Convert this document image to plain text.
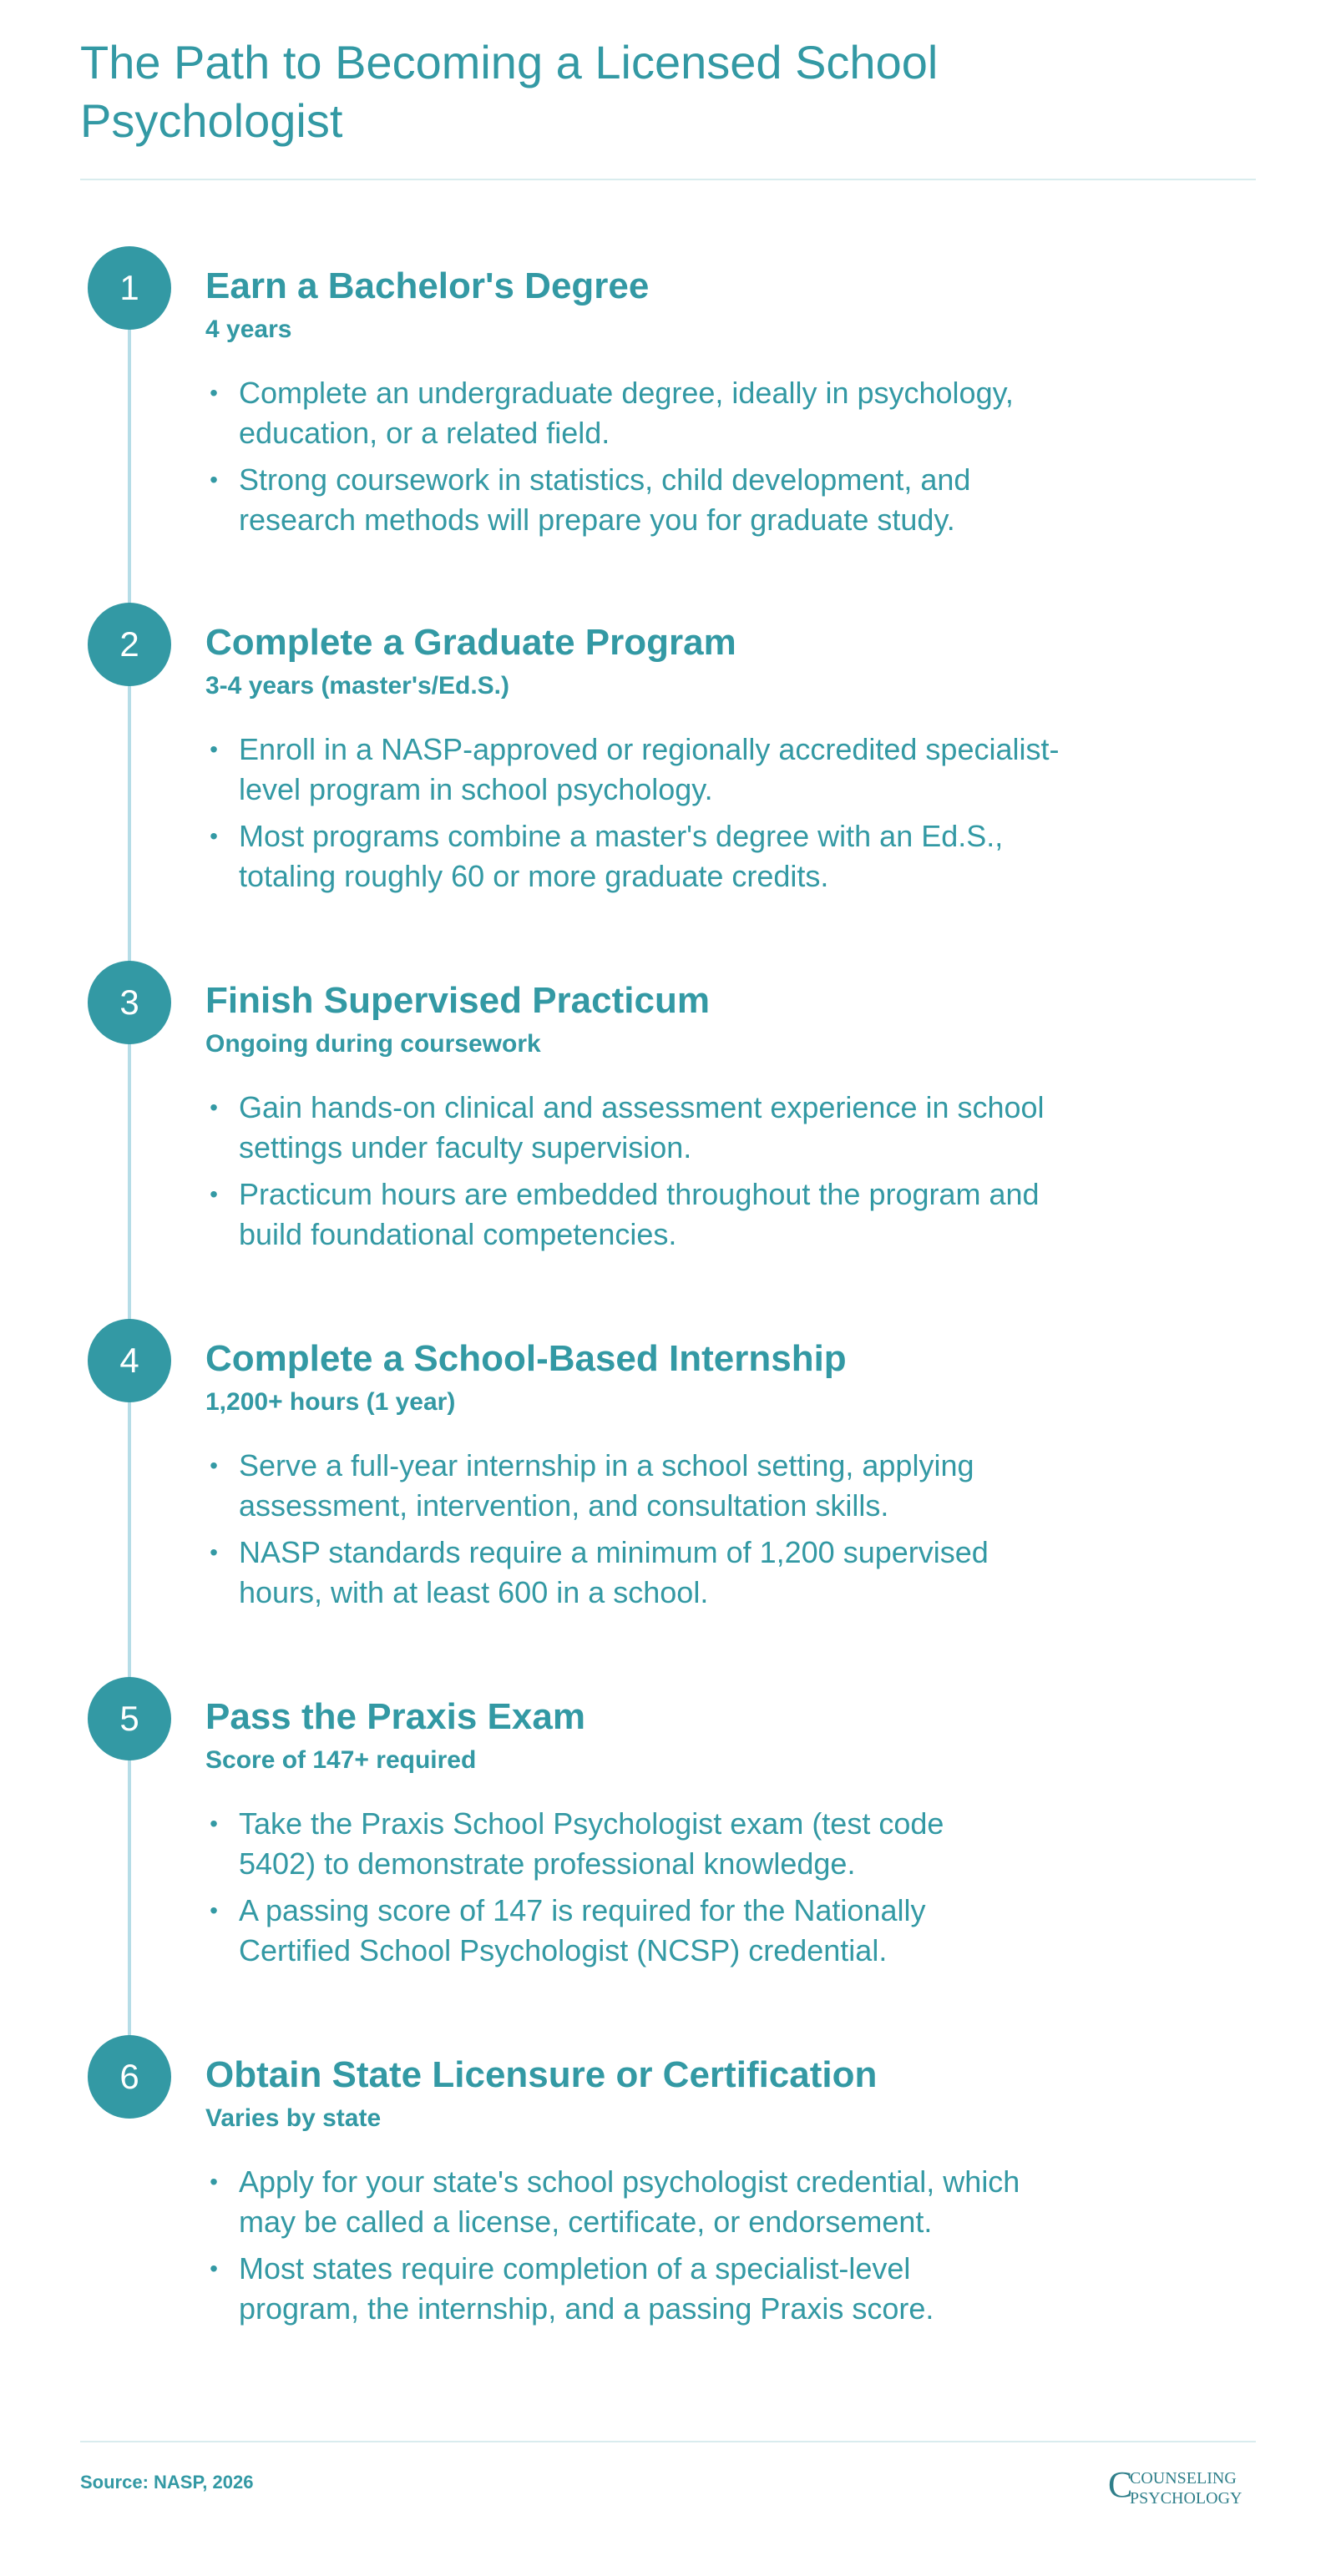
The Path to Becoming a Licensed School Psychologist
1	Earn a Bachelor's Degree
4 years
• Complete an undergraduate degree, ideally in psychology, education, or a related field.
• Strong coursework in statistics, child development, and research methods will prepare you for graduate study.
2	Complete a Graduate Program
3-4 years (master's/Ed.S.)
• Enroll in a NASP-approved or regionally accredited specialist-level program in school psychology.
• Most programs combine a master's degree with an Ed.S., totaling roughly 60 or more graduate credits.
3	Finish Supervised Practicum
Ongoing during coursework
• Gain hands-on clinical and assessment experience in school settings under faculty supervision.
• Practicum hours are embedded throughout the program and build foundational competencies.
4	Complete a School-Based Internship
1,200+ hours (1 year)
• Serve a full-year internship in a school setting, applying assessment, intervention, and consultation skills.
• NASP standards require a minimum of 1,200 supervised hours, with at least 600 in a school.
5	Pass the Praxis Exam
Score of 147+ required
• Take the Praxis School Psychologist exam (test code 5402) to demonstrate professional knowledge.
• A passing score of 147 is required for the Nationally Certified School Psychologist (NCSP) credential.
6	Obtain State Licensure or Certification
Varies by state
• Apply for your state's school psychologist credential, which may be called a license, certificate, or endorsement.
• Most states require completion of a specialist-level program, the internship, and a passing Praxis score.
Source: NASP, 2026	C
COUNSELING
PSYCHOLOGY
